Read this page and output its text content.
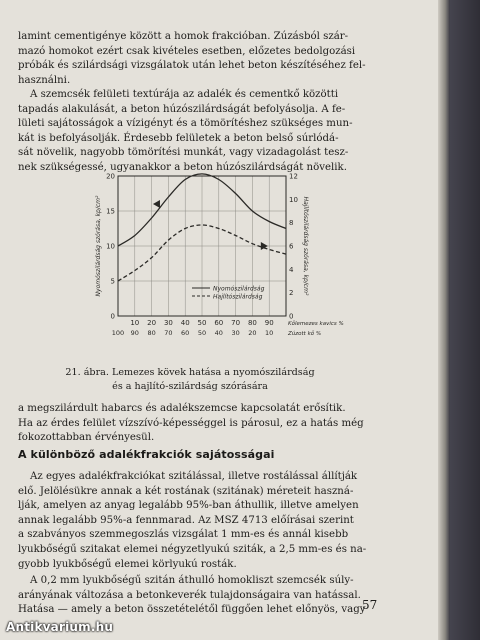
lamint cementigénye között a homok frakcióban. Zúzásból szár-
mazó homokot ezért csak kivételes esetben, előzetes bedolgozási
próbák és szilárdsági vizsgálatok után lehet beton készítéséhez fel-
használni.

A szemcsék felületi textúrája az adalék és cementkő közötti
tapadás alakulását, a beton húzószilárdságát befolyásolja. A fe-
lületi sajátosságok a vízigényt és a tömörítéshez szükséges mun-
kát is befolyásolják. Érdesebb felületek a beton belső súrlódá-
sát növelik, nagyobb tömörítési munkát, vagy vizadagolást tesz-
nek szükségessé, ugyanakkor a beton húzószilárdságát növelik.

0
5
10
15
20
0
2
4
6
8
10
12
10 20 30 40 50 60 70 80 90
100 90 80 70 60 50 40 30 20 10
Nyomószilárdság szórása, kp/cm²	Hajlítószilárdság szórása, kp/cm²
Kőlemezes kavics %
Zúzott kő %
Nyomószilárdság
Hajlítószilárdság
21. ábra. Lemezes kövek hatása a nyomószilárdság
és a hajlító-szilárdság szórására

a megszilárdult habarcs és adalékszemcse kapcsolatát erősítik.
Ha az érdes felület vízszívó-képességgel is párosul, ez a hatás még
fokozottabban érvényesül.

A különböző adalékfrakciók sajátosságai

Az egyes adalékfrakciókat szitálással, illetve rostálással állítják
elő. Jelölésükre annak a két rostának (szitának) méreteit haszná-
lják, amelyen az anyag legalább 95%-ban áthullik, illetve amelyen
annak legalább 95%-a fennmarad. Az MSZ 4713 előírásai szerint
a szabványos szemmegoszlás vizsgálat 1 mm-es és annál kisebb
lyukbőségű szitakat elemei négyzetlyukú sziták, a 2,5 mm-es és na-
gyobb lyukbőségű elemei körlyukú rosták.

A 0,2 mm lyukbőségű szitán áthulló homokliszt szemcsék súly-
arányának változása a betonkeverék tulajdonságaira van hatással.
Hatása — amely a beton összetételétől függően lehet előnyös, vagy

57
Antikvarium.hu
